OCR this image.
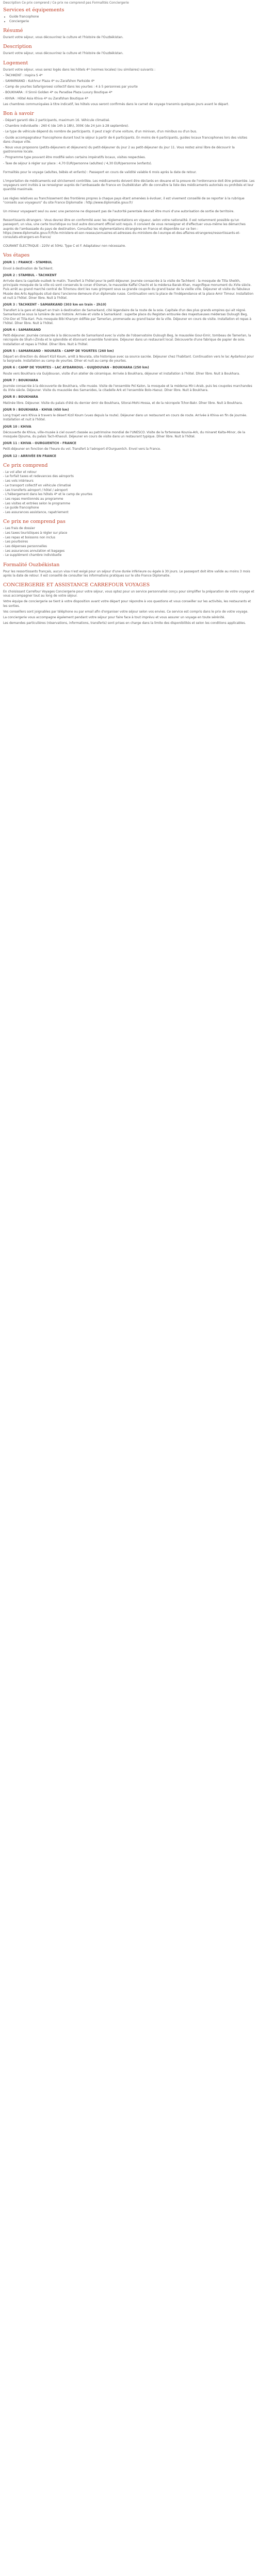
Description Ce prix comprend / Ce prix ne comprend pas Formalités Conciergerie

Services et équipements
• Guide francophone
• Conciergerie
Résumé

Durant votre séjour, vous découvrirez la culture et l'histoire de l'Ouzbékistan.

Description

Durant votre séjour, vous découvrirez la culture et l'histoire de l'Ouzbékistan.

Logement

Durant votre séjour, vous serez logés dans les hôtels 4* (normes locales) (ou similaires) suivants :

- TACHKENT : Inspira S 4*

- SAMARKAND : Kukhnur Plaza 4* ou Zarafshon Parkside 4*

- Camp de yourtes Safarigoroesi collectif dans les yourtes : 4 à 5 personnes par yourte

- BOUKHARA : Il Sinnii Golden 4* ou Paradise Plaza Luxury Boutique 4*

- KHIVA : Hôtel Asia Khiva 4* ou Zarafshan Boutique 4*

Les chambres communiquées à titre indicatif, les hôtels vous seront confirmés dans le carnet de voyage transmis quelques jours avant le départ.

Bon à savoir

- Départ garanti dès 2 participants, maximum 16. Véhicule climatisé.

- Chambre individuelle : 260 € (de 14h à 18h), 300€ (de 24 juin à 28 septembre).

- Le type de véhicule dépend du nombre de participants. Il peut s'agir d'une voiture, d'un minivan, d'un minibus ou d'un bus.

- Guide accompagnateur francophone durant tout le séjour à partir de 6 participants. En moins de 6 participants, guides locaux francophones lors des visites dans chaque ville.

- Nous vous proposons (petits-déjeuners et déjeuners) du petit-déjeuner du jour 2 au petit-déjeuner du jour 11. Vous restez ainsi libre de découvrir la gastronomie locale.

- Programme type pouvant être modifié selon certains impératifs locaux, visites respectées.

- Taxe de séjour à régler sur place : 4,70 EUR/personne (adultes) / 4,30 EUR/personne (enfants).

Formalités pour le voyage (adultes, bébés et enfants) : Passeport en cours de validité valable 6 mois après la date de retour.

L'importation de médicaments est strictement contrôlée. Les médicaments doivent être déclarés en douane et la preuve de l'ordonnance doit être présentée. Les voyageurs sont invités à se renseigner auprès de l'ambassade de France en Ouzbékistan afin de connaître la liste des médicaments autorisés ou prohibés et leur quantité maximale.

Les règles relatives au franchissement des frontières propres à chaque pays étant amenées à évoluer, il est vivement conseillé de se reporter à la rubrique "conseils aux voyageurs" du site France Diplomatie : http://www.diplomatie.gouv.fr/

Un mineur voyageant seul ou avec une personne ne disposant pas de l'autorité parentale devrait être muni d'une autorisation de sortie de territoire.

Ressortissants étrangers : Vous devrez être en conformité avec les réglementations en vigueur, selon votre nationalité. Il est notamment possible qu'un passeport, un visa, une carte touristique ou tout autre document officiel soit requis. Il convient de vous renseigner et d'effectuer vous-même les démarches auprès de l'ambassade du pays de destination. Consultez les réglementations étrangères en France et disponible sur ce lien : https://www.diplomatie.gouv.fr/fr/le-ministere-et-son-reseau/annuaires-et-adresses-du-ministere-de-l-europe-et-des-affaires-etrangeres/ressortissants-et-consulats-etrangers-en-france/

COURANT ÉLECTRIQUE : 220V et 50Hz. Type C et F. Adaptateur non nécessaire.

Vos étapes

JOUR 1 : FRANCE - STAMBUL

Envol à destination de Tachkent.

JOUR 2 : STAMBUL - TACHKENT

Arrivée dans la capitale ouzbek le matin. Transfert à l'hôtel pour le petit déjeuner. Journée consacrée à la visite de Tachkent : la mosquée de Tilla Sheikh, principale mosquée de la ville où sont conservés le coran d'Osman, le mausolée Kaffal Chachi et la médersa Barak-Khan, magnifique monument du XVIe siècle. Puis arrêt au grand marché central de Tchorsou dont les rues grimpent sous sa grande coupole du grand bazar de la vieille ville. Déjeuner et visite du fabuleux Musée des Arts Appliqués situé dans l'ancienne demeure d'un diplomate russe. Continuation vers la place de l'Indépendance et la place Amir Timour. Installation et nuit à l'hôtel. Diner libre. Nuit à l'hôtel.

JOUR 3 : TACHKENT - SAMARKAND (303 km en train - 2h10)

Transfert à la gare et départ en train à destination de Samarkand, cité légendaire de la route de la soie. Capitale d'un des plus grands empires qui ait régné. Samarkand se sous la lumière de son histoire. Arrivée et visite à Samarkand : superbe place du Registan entourée des majestueuses médersas Oulough Beg, Chir-Dor et Tilla-Kari. Puis mosquée Bibi Khanym édifiée par Tamerlan, promenade au grand bazar de la ville. Déjeuner en cours de visite. Installation et repas à l'hôtel. Dîner libre. Nuit à l'hôtel.

JOUR 4 : SAMARKAND

Petit-déjeuner. Journée consacrée à la découverte de Samarkand avec la visite de l'observatoire Oulough Beg, le mausolée Gour-Emir, tombeau de Tamerlan, la nécropole de Shah-i-Zinda et le splendide et étonnant ensemble funéraire. Déjeuner dans un restaurant local. Découverte d'une fabrique de papier de soie. Installation et repas à l'hôtel. Dîner libre. Nuit à l'hôtel.

JOUR 5 : SAMARKAND - NOURATA - CAMP DE YOURTES (260 km)

Départ en direction du désert Kizil Koum, arrêt à Nourata, site historique avec sa source sacrée. Déjeuner chez l'habitant. Continuation vers le lac Aydarkoul pour la baignade. Installation au camp de yourtes. Dîner et nuit au camp de yourtes.

JOUR 6 : CAMP DE YOURTES - LAC AYDARKOUL - GUIJDOUVAN - BOUKHARA (250 km)

Route vers Boukhara via Guijdouvan, visite d'un atelier de céramique. Arrivée à Boukhara, déjeuner et installation à l'hôtel. Dîner libre. Nuit à Boukhara.

JOUR 7 : BOUKHARA

Journée consacrée à la découverte de Boukhara, ville musée. Visite de l'ensemble Poï Kalon, la mosquée et la médersa Mir-i-Arab, puis les coupoles marchandes du XVIe siècle. Déjeuner. Visite du mausolée des Samanides, la citadelle Ark et l'ensemble Bolo-Haouz. Dîner libre. Nuit à Boukhara.

JOUR 8 : BOUKHARA

Matinée libre. Déjeuner. Visite du palais d'été du dernier émir de Boukhara, Sitorai-Mohi-Hossa, et de la nécropole Tchor-Bakr. Dîner libre. Nuit à Boukhara.

JOUR 9 : BOUKHARA - KHIVA (450 km)

Long trajet vers Khiva à travers le désert Kizil Koum (vues depuis la route). Déjeuner dans un restaurant en cours de route. Arrivée à Khiva en fin de journée. Installation et nuit à l'hôtel.

JOUR 10 : KHIVA

Découverte de Khiva, ville-musée à ciel ouvert classée au patrimoine mondial de l'UNESCO. Visite de la forteresse Kounia-Ark, du minaret Kalta-Minor, de la mosquée Djouma, du palais Tach-Khaouli. Déjeuner en cours de visite dans un restaurant typique. Dîner libre. Nuit à l'hôtel.

JOUR 11 : KHIVA - OURGUENTCH - FRANCE

Petit-déjeuner en fonction de l'heure du vol. Transfert à l'aéroport d'Ourguentch. Envol vers la France.

JOUR 12 : ARRIVÉE EN FRANCE

Ce prix comprend
- Le vol aller et retour
- Le forfait taxes et redevances des aéroports
- Les vols intérieurs
- Le transport collectif en véhicule climatisé
- Les transferts aéroport / hôtel / aéroport
- L'hébergement dans les hôtels 4* et le camp de yourtes
- Les repas mentionnés au programme
- Les visites et entrées selon le programme
- Le guide francophone
- Les assurances assistance, rapatriement
Ce prix ne comprend pas
- Les frais de dossier
- Les taxes touristiques à régler sur place
- Les repas et boissons non inclus
- Les pourboires
- Les dépenses personnelles
- Les assurances annulation et bagages
- Le supplément chambre individuelle
Formalité Ouzbékistan

Pour les ressortissants français, aucun visa n'est exigé pour un séjour d'une durée inférieure ou égale à 30 jours. Le passeport doit être valide au moins 3 mois après la date de retour. Il est conseillé de consulter les informations pratiques sur le site France Diplomatie.

CONCIERGERIE ET ASSISTANCE CARREFOUR VOYAGES

En choisissant Carrefour Voyages Conciergerie pour votre séjour, vous optez pour un service personnalisé conçu pour simplifier la préparation de votre voyage et vous accompagner tout au long de votre séjour.

Votre équipe de conciergerie se tient à votre disposition avant votre départ pour répondre à vos questions et vous conseiller sur les activités, les restaurants et les sorties.

Vos conseillers sont joignables par téléphone ou par email afin d'organiser votre séjour selon vos envies. Ce service est compris dans le prix de votre voyage.

La conciergerie vous accompagne également pendant votre séjour pour faire face à tout imprévu et vous assurer un voyage en toute sérénité.

Les demandes particulières (réservations, informations, transferts) sont prises en charge dans la limite des disponibilités et selon les conditions applicables.
